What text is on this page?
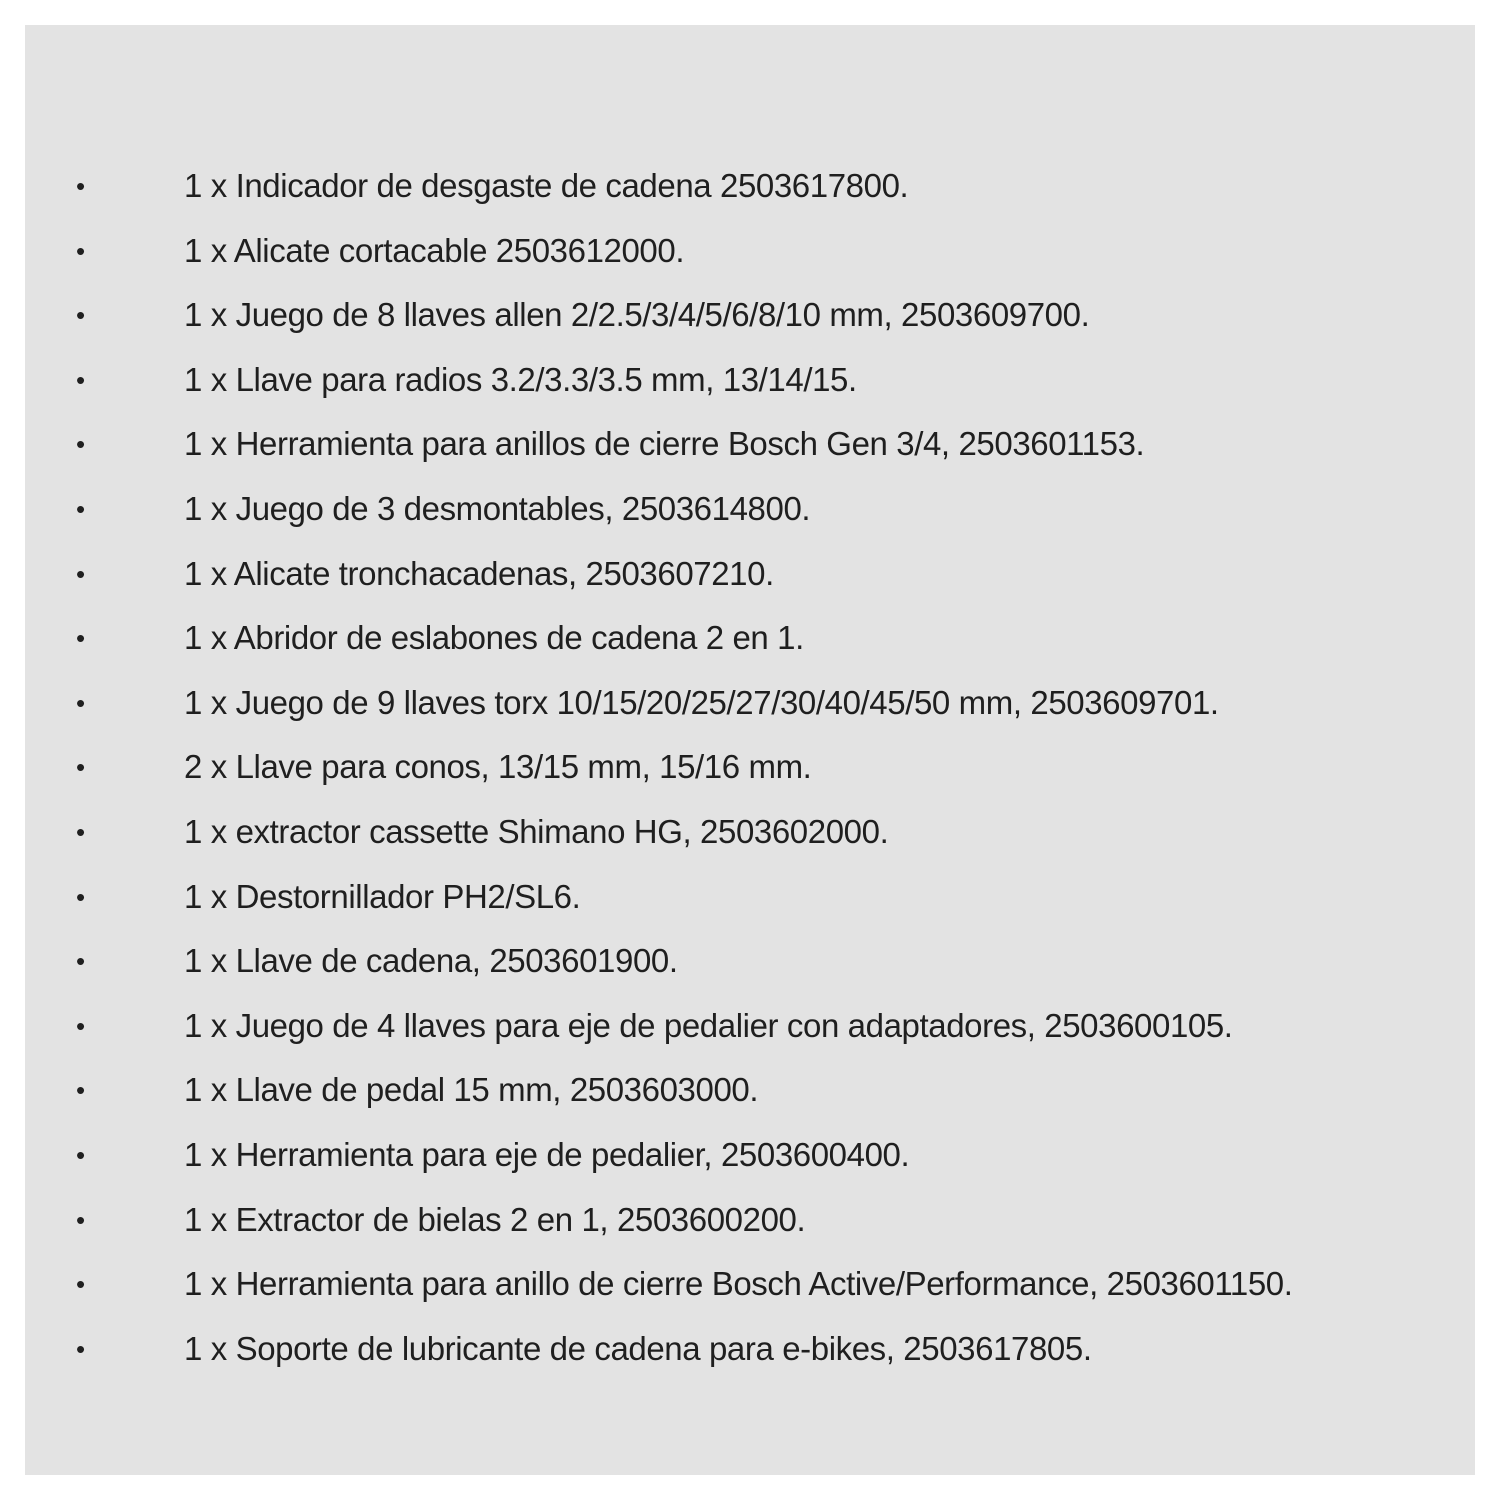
•	1 x Indicador de desgaste de cadena 2503617800.
•	1 x Alicate cortacable 2503612000.
•	1 x Juego de 8 llaves allen 2/2.5/3/4/5/6/8/10 mm, 2503609700.
•	1 x Llave para radios 3.2/3.3/3.5 mm, 13/14/15.
•	1 x Herramienta para anillos de cierre Bosch Gen 3/4, 2503601153.
•	1 x Juego de 3 desmontables, 2503614800.
•	1 x Alicate tronchacadenas, 2503607210.
•	1 x Abridor de eslabones de cadena 2 en 1.
•	1 x Juego de 9 llaves torx 10/15/20/25/27/30/40/45/50 mm, 2503609701.
•	2 x Llave para conos, 13/15 mm, 15/16 mm.
•	1 x extractor cassette Shimano HG, 2503602000.
•	1 x Destornillador PH2/SL6.
•	1 x Llave de cadena, 2503601900.
•	1 x Juego de 4 llaves para eje de pedalier con adaptadores, 2503600105.
•	1 x Llave de pedal 15 mm, 2503603000.
•	1 x Herramienta para eje de pedalier, 2503600400.
•	1 x Extractor de bielas 2 en 1, 2503600200.
•	1 x Herramienta para anillo de cierre Bosch Active/Performance, 2503601150.
•	1 x Soporte de lubricante de cadena para e-bikes, 2503617805.
